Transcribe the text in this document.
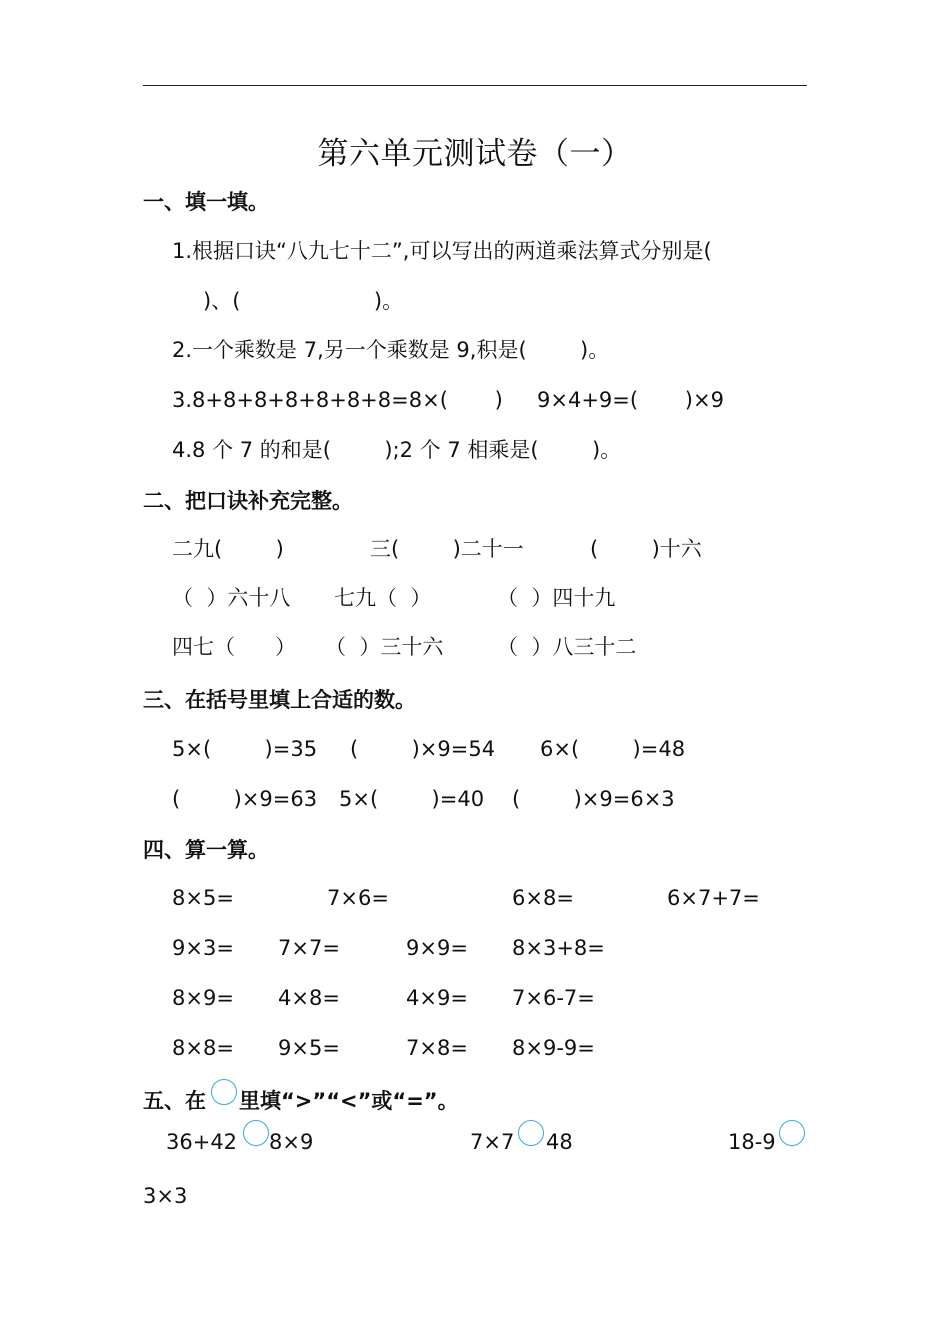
第六单元测试卷（一）
一、填一填。
1.根据口诀“八九七十二”,可以写出的两道乘法算式分别是(
)、(                    )。
2.一个乘数是 7,另一个乘数是 9,积是(        )。
3.8+8+8+8+8+8+8=8×(       ) 9×4+9=(       )×9
4.8 个 7 的和是(        );2 个 7 相乘是(        )。
二、把口诀补充完整。
二九(        )	三(        )二十一	(        )十六
（  ）六十八 七九（  ）	（  ）四十九
四七（      ） （  ）三十六	（  ）八三十二
三、在括号里填上合适的数。
5×(        )=35 (        )×9=54 6×(        )=48
(        )×9=63 5×(        )=40 (        )×9=6×3
四、算一算。
8×5=	7×6=	6×8=	6×7+7=
9×3= 7×7=	9×9= 8×3+8=
8×9= 4×8=	4×9= 7×6-7=
8×8= 9×5=	7×8= 8×9-9=
五、在 里填“>”“<”或“=”。
36+42 8×9	7×7 48	18-9
3×3
